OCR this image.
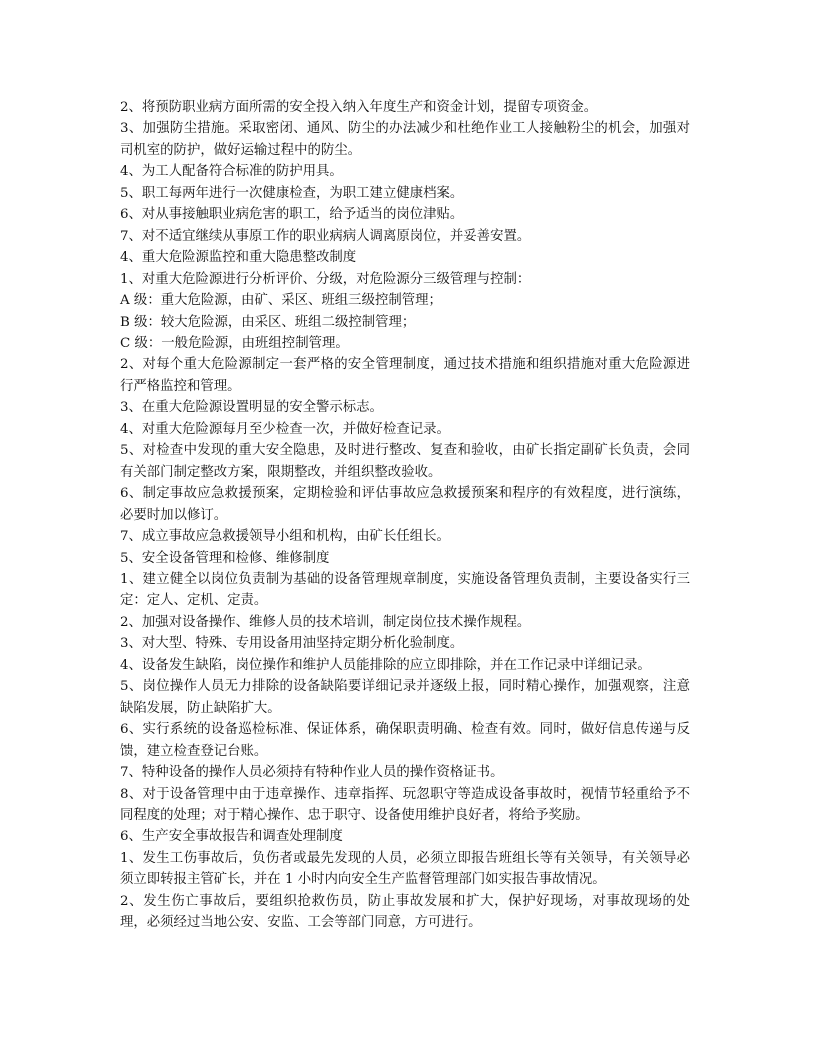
2、将预防职业病方面所需的安全投入纳入年度生产和资金计划，提留专项资金。

3、加强防尘措施。采取密闭、通风、防尘的办法减少和杜绝作业工人接触粉尘的机会，加强对司机室的防护，做好运输过程中的防尘。

4、为工人配备符合标准的防护用具。

5、职工每两年进行一次健康检查，为职工建立健康档案。

6、对从事接触职业病危害的职工，给予适当的岗位津贴。

7、对不适宜继续从事原工作的职业病病人调离原岗位，并妥善安置。

4、重大危险源监控和重大隐患整改制度

1、对重大危险源进行分析评价、分级，对危险源分三级管理与控制：

A 级：重大危险源，由矿、采区、班组三级控制管理；

B 级：较大危险源，由采区、班组二级控制管理；

C 级：一般危险源，由班组控制管理。

2、对每个重大危险源制定一套严格的安全管理制度，通过技术措施和组织措施对重大危险源进行严格监控和管理。

3、在重大危险源设置明显的安全警示标志。

4、对重大危险源每月至少检查一次，并做好检查记录。

5、对检查中发现的重大安全隐患，及时进行整改、复查和验收，由矿长指定副矿长负责，会同有关部门制定整改方案，限期整改，并组织整改验收。

6、制定事故应急救援预案，定期检验和评估事故应急救援预案和程序的有效程度，进行演练，必要时加以修订。

7、成立事故应急救援领导小组和机构，由矿长任组长。

5、安全设备管理和检修、维修制度

1、建立健全以岗位负责制为基础的设备管理规章制度，实施设备管理负责制，主要设备实行三定：定人、定机、定责。

2、加强对设备操作、维修人员的技术培训，制定岗位技术操作规程。

3、对大型、特殊、专用设备用油坚持定期分析化验制度。

4、设备发生缺陷，岗位操作和维护人员能排除的应立即排除，并在工作记录中详细记录。

5、岗位操作人员无力排除的设备缺陷要详细记录并逐级上报，同时精心操作，加强观察，注意缺陷发展，防止缺陷扩大。

6、实行系统的设备巡检标准、保证体系，确保职责明确、检查有效。同时，做好信息传递与反馈，建立检查登记台账。

7、特种设备的操作人员必须持有特种作业人员的操作资格证书。

8、对于设备管理中由于违章操作、违章指挥、玩忽职守等造成设备事故时，视情节轻重给予不同程度的处理；对于精心操作、忠于职守、设备使用维护良好者，将给予奖励。

6、生产安全事故报告和调查处理制度

1、发生工伤事故后，负伤者或最先发现的人员，必须立即报告班组长等有关领导，有关领导必须立即转报主管矿长，并在 1 小时内向安全生产监督管理部门如实报告事故情况。

2、发生伤亡事故后，要组织抢救伤员，防止事故发展和扩大，保护好现场，对事故现场的处理，必须经过当地公安、安监、工会等部门同意，方可进行。
